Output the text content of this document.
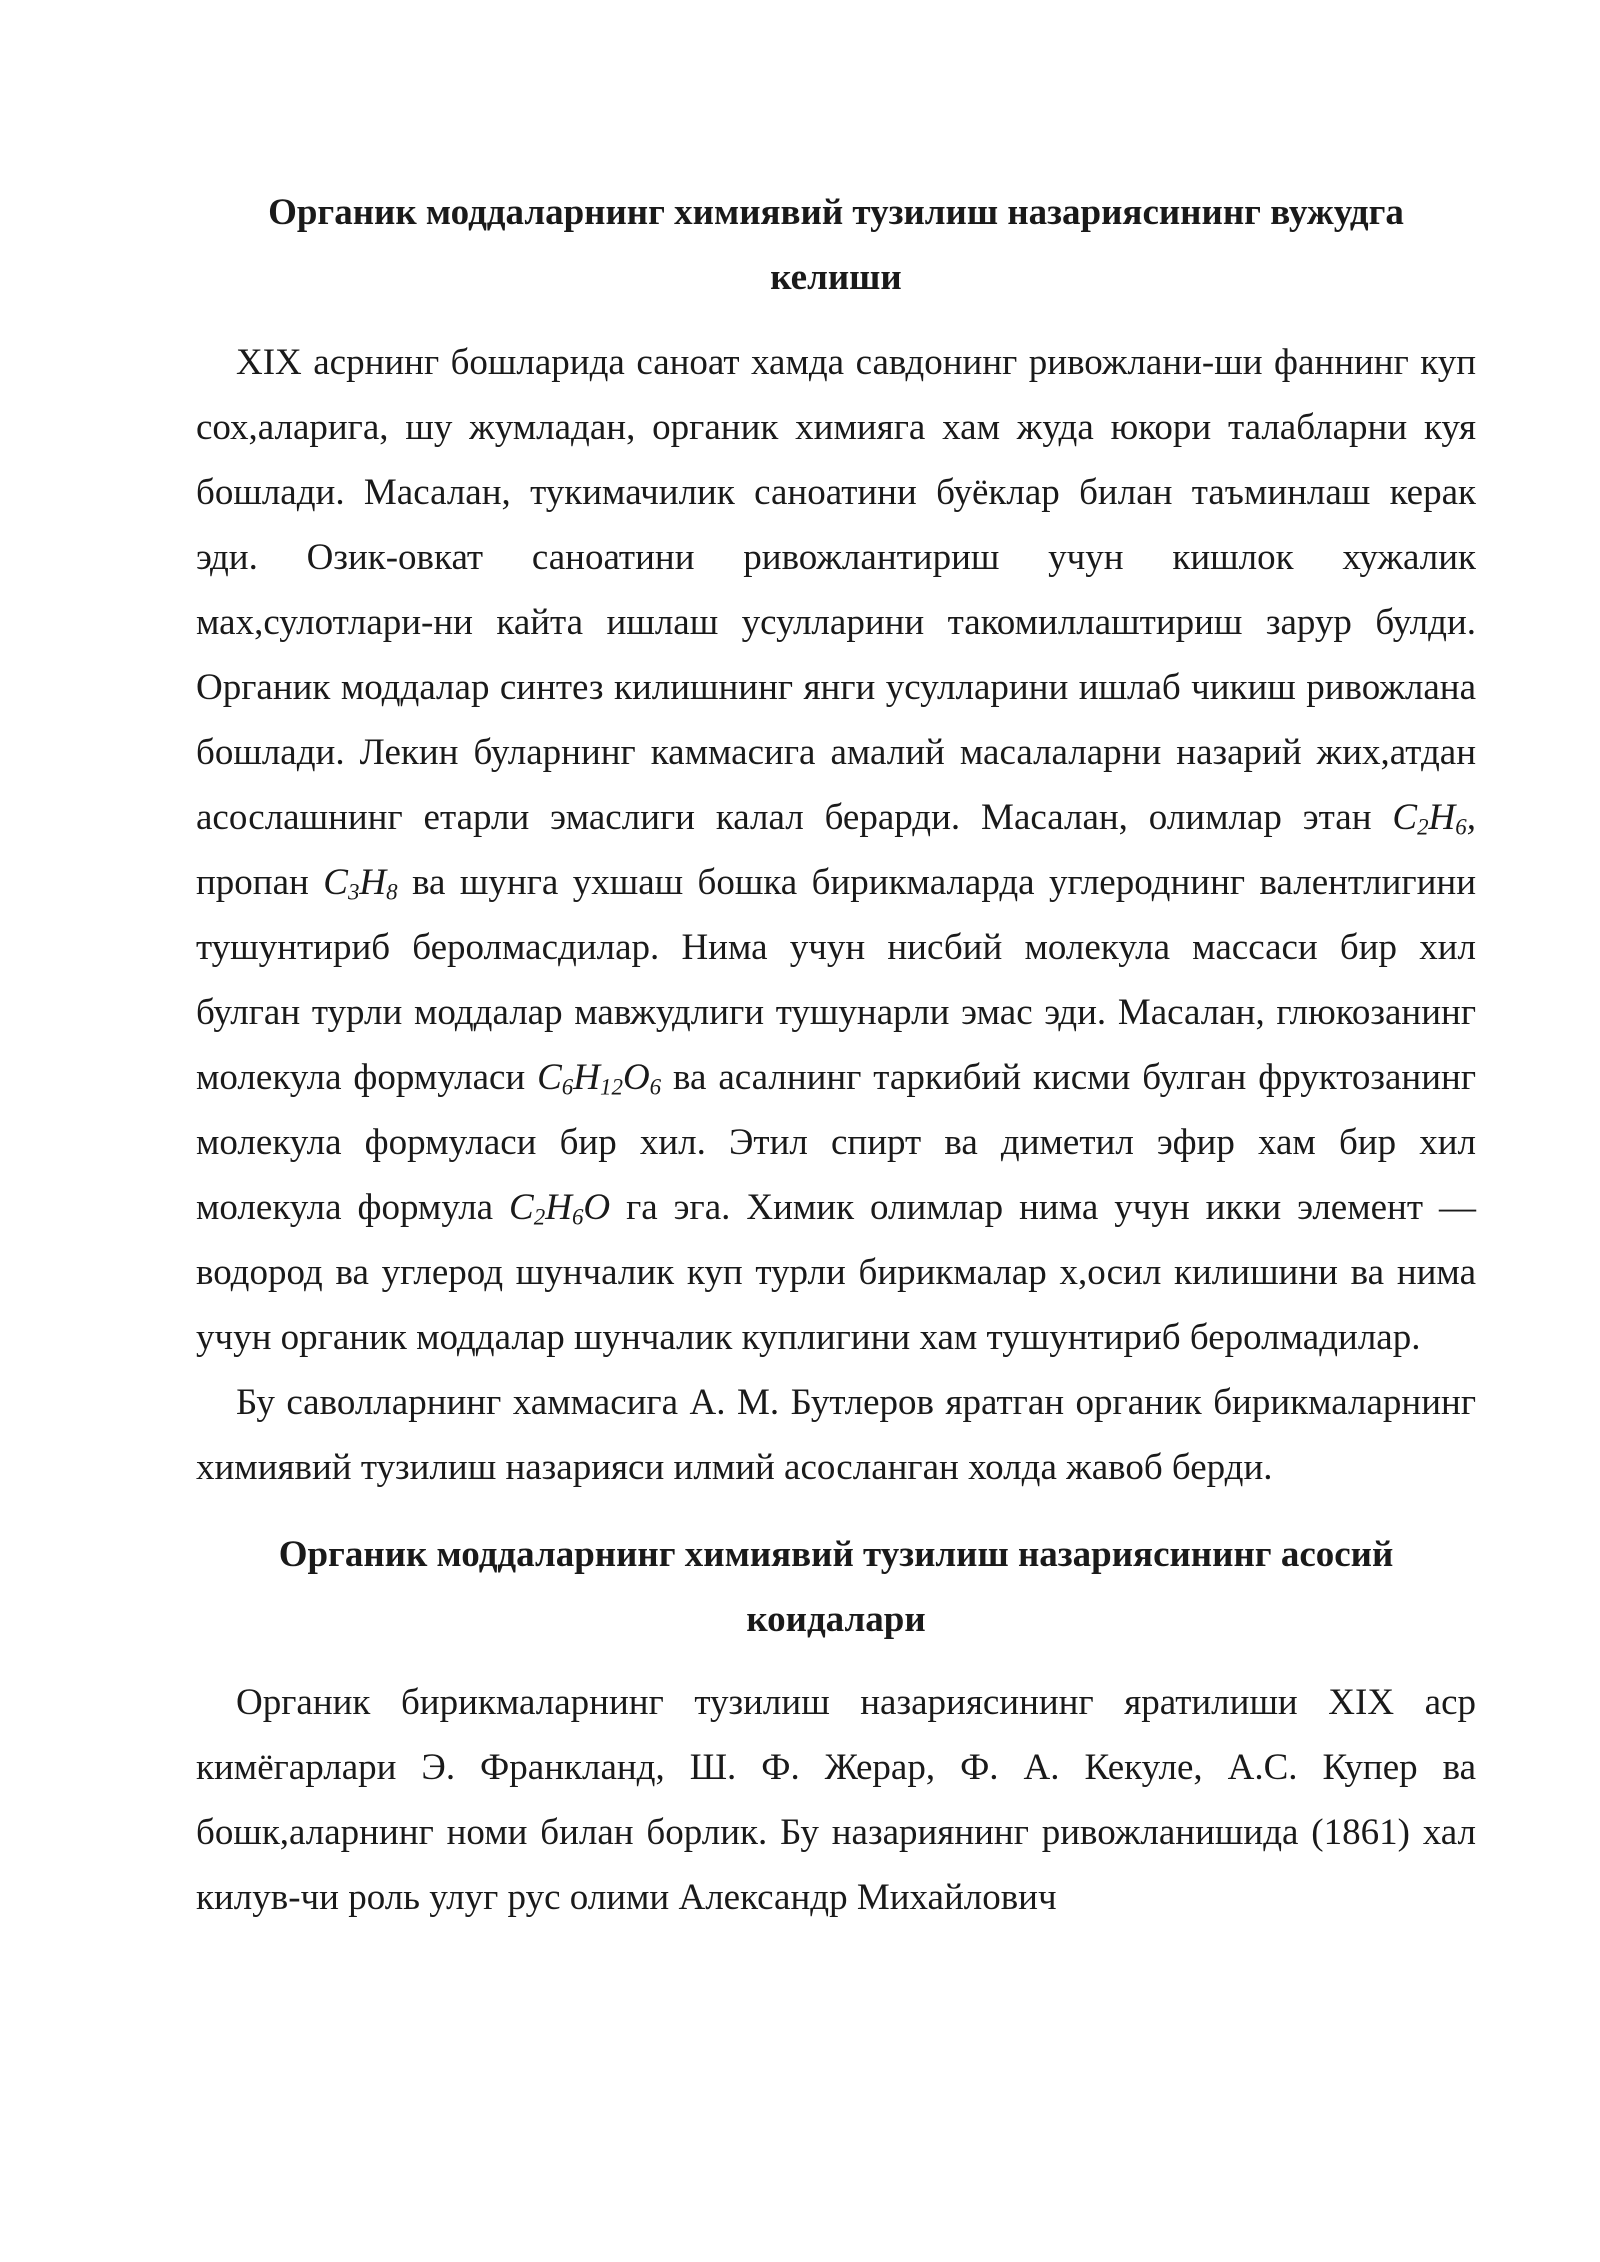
Органик моддаларнинг химиявий тузилиш назариясининг вужудга
келиши

XIX асрнинг бошларида саноат хамда савдонинг ривожлани-ши фаннинг куп сох,аларига, шу жумладан, органик химияга хам жуда юкори талабларни куя бошлади. Масалан, тукимачилик саноатини буёклар билан таъминлаш керак эди. Озик-овкат саноатини ривожлантириш учун кишлок хужалик мах,сулотлари-ни кайта ишлаш усулларини такомиллаштириш зарур булди. Органик моддалар синтез килишнинг янги усулларини ишлаб чикиш ривожлана бошлади. Лекин буларнинг каммасига амалий масалаларни назарий жих,атдан асослашнинг етарли эмаслиги калал берарди. Масалан, олимлар этан $C_2H_6$, пропан $C_3H_8$ ва шунга ухшаш бошка бирикмаларда углероднинг валентлигини тушунтириб беролмасдилар. Нима учун нисбий молекула массаси бир хил булган турли моддалар мавжудлиги тушунарли эмас эди. Масалан, глюкозанинг молекула формуласи $C_6H_{12}O_6$ ва асалнинг таркибий кисми булган фруктозанинг молекула формуласи бир хил. Этил спирт ва диметил эфир хам бир хил молекула формула $C_2H_6O$ га эга. Химик олимлар нима учун икки элемент — водород ва углерод шунчалик куп турли бирикмалар х,осил килишини ва нима учун органик моддалар шунчалик куплигини хам тушунтириб беролмадилар.

Бу саволларнинг хаммасига А. М. Бутлеров яратган органик бирикмаларнинг химиявий тузилиш назарияси илмий асосланган холда жавоб берди.

Органик моддаларнинг химиявий тузилиш назариясининг асосий
коидалари

Органик бирикмаларнинг тузилиш назариясининг яратилиши XIX аср кимёгарлари Э. Франкланд, Ш. Ф. Жерар, Ф. А. Кекуле, А.С. Купер ва бошк,аларнинг номи билан борлик. Бу назариянинг ривожланишида (1861) хал килув-чи роль улуг рус олими Александр Михайлович
